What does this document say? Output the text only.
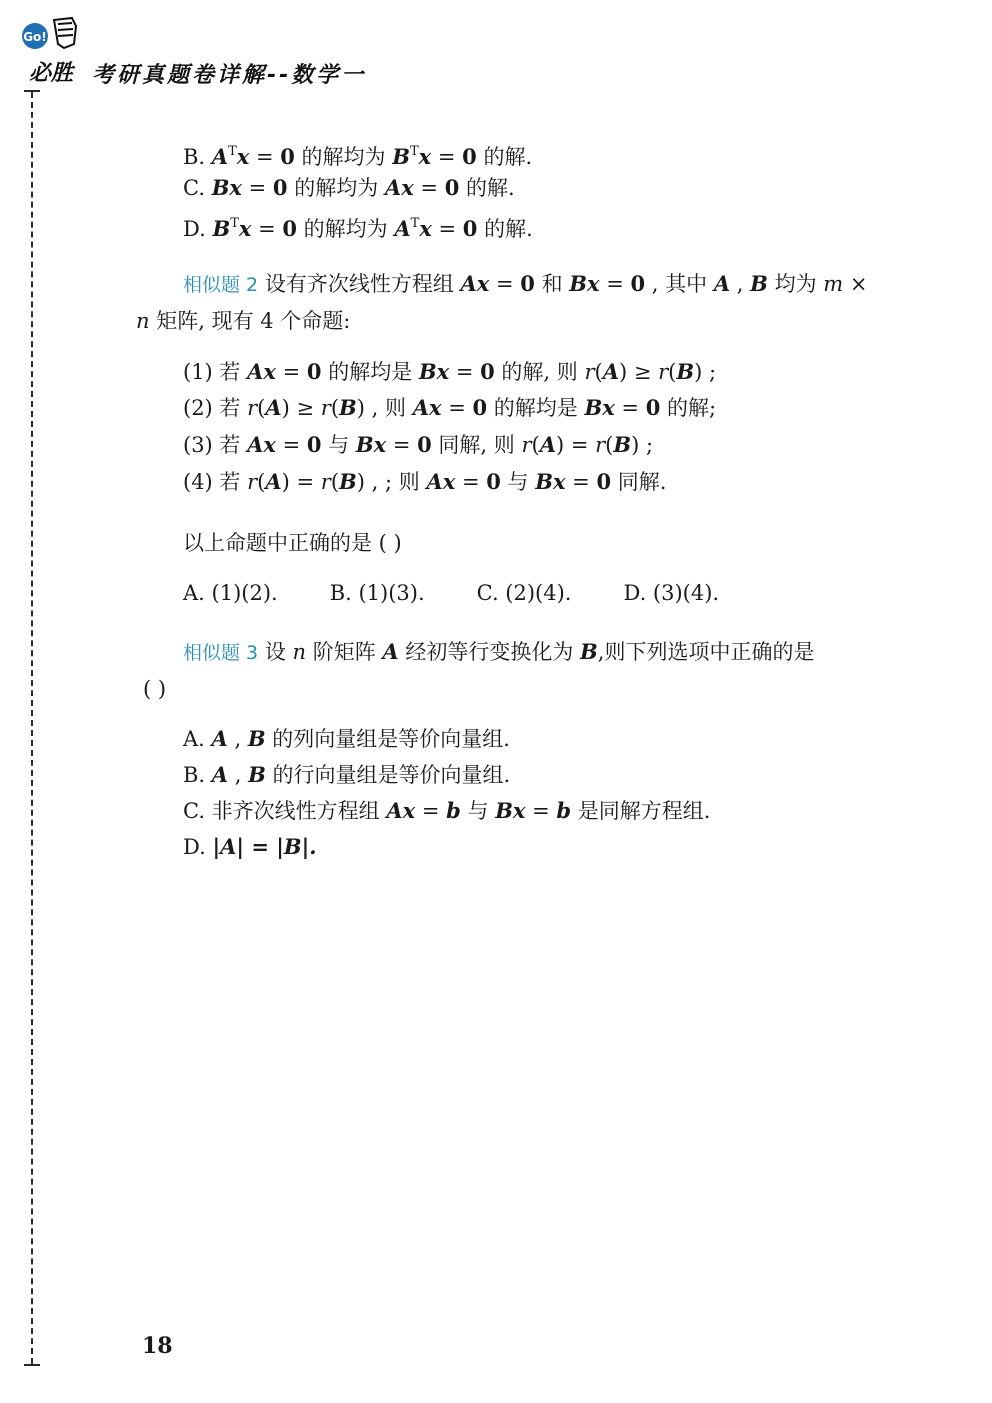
Go!
必胜 考研真题卷详解--数学一
B. $A^Tx = 0$ 的解均为 $B^Tx = 0$ 的解.
C. Bx = 0 的解均为 Ax = 0 的解.
D. $B^Tx = 0$ 的解均为 $A^Tx = 0$ 的解.
相似题 2 设有齐次线性方程组 Ax = 0 和 Bx = 0 , 其中 A , B 均为 m ×
n 矩阵, 现有 4 个命题:
(1) 若 Ax = 0 的解均是 Bx = 0 的解, 则 r(A) ≥ r(B) ;
(2) 若 r(A) ≥ r(B) , 则 Ax = 0 的解均是 Bx = 0 的解;
(3) 若 Ax = 0 与 Bx = 0 同解, 则 r(A) = r(B) ;
(4) 若 r(A) = r(B) , ; 则 Ax = 0 与 Bx = 0 同解.
以上命题中正确的是 ( )
A. (1)(2). B. (1)(3). C. (2)(4). D. (3)(4).
相似题 3 设 n 阶矩阵 A 经初等行变换化为 B,则下列选项中正确的是
( )
A. A , B 的列向量组是等价向量组.
B. A , B 的行向量组是等价向量组.
C. 非齐次线性方程组 Ax = b 与 Bx = b 是同解方程组.
D. |A| = |B|.
18
